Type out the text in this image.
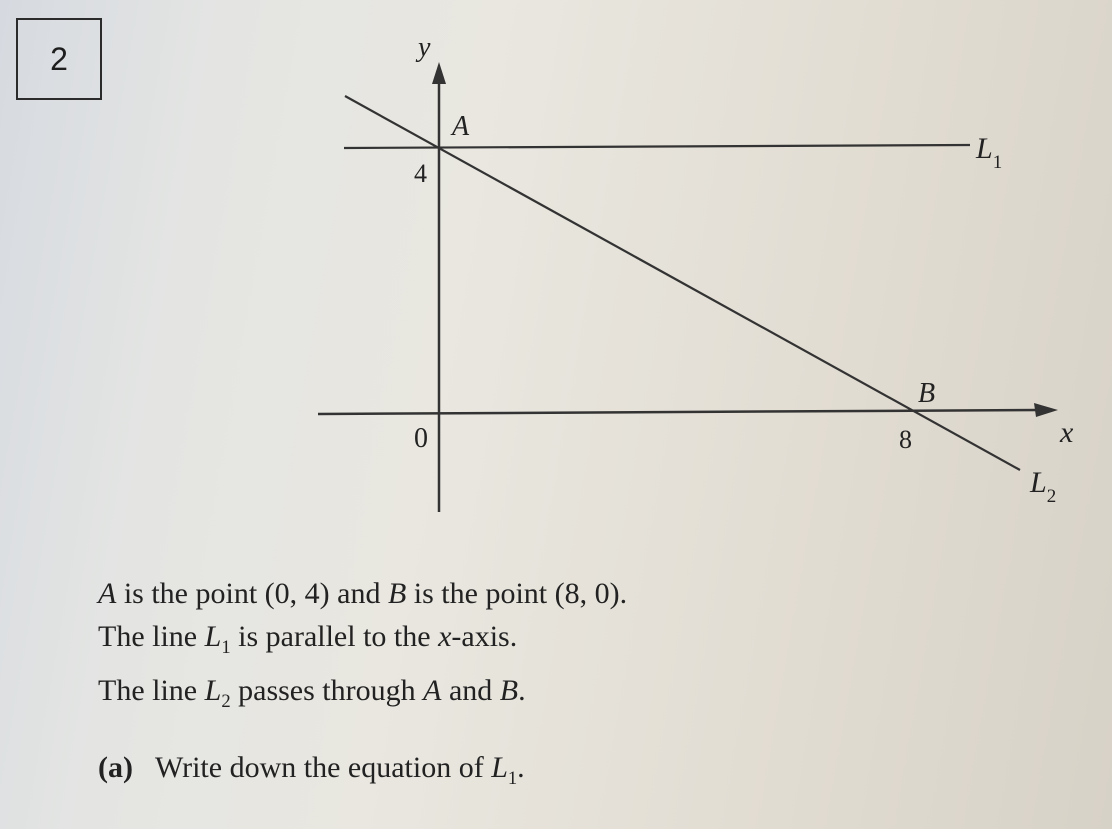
2	y
x
0
4
8
A
B
$L_1$
$L_2$
A is the point (0, 4) and B is the point (8, 0).
The line $L_1$ is parallel to the x-axis.
The line $L_2$ passes through A and B.
(a) Write down the equation of $L_1$.
